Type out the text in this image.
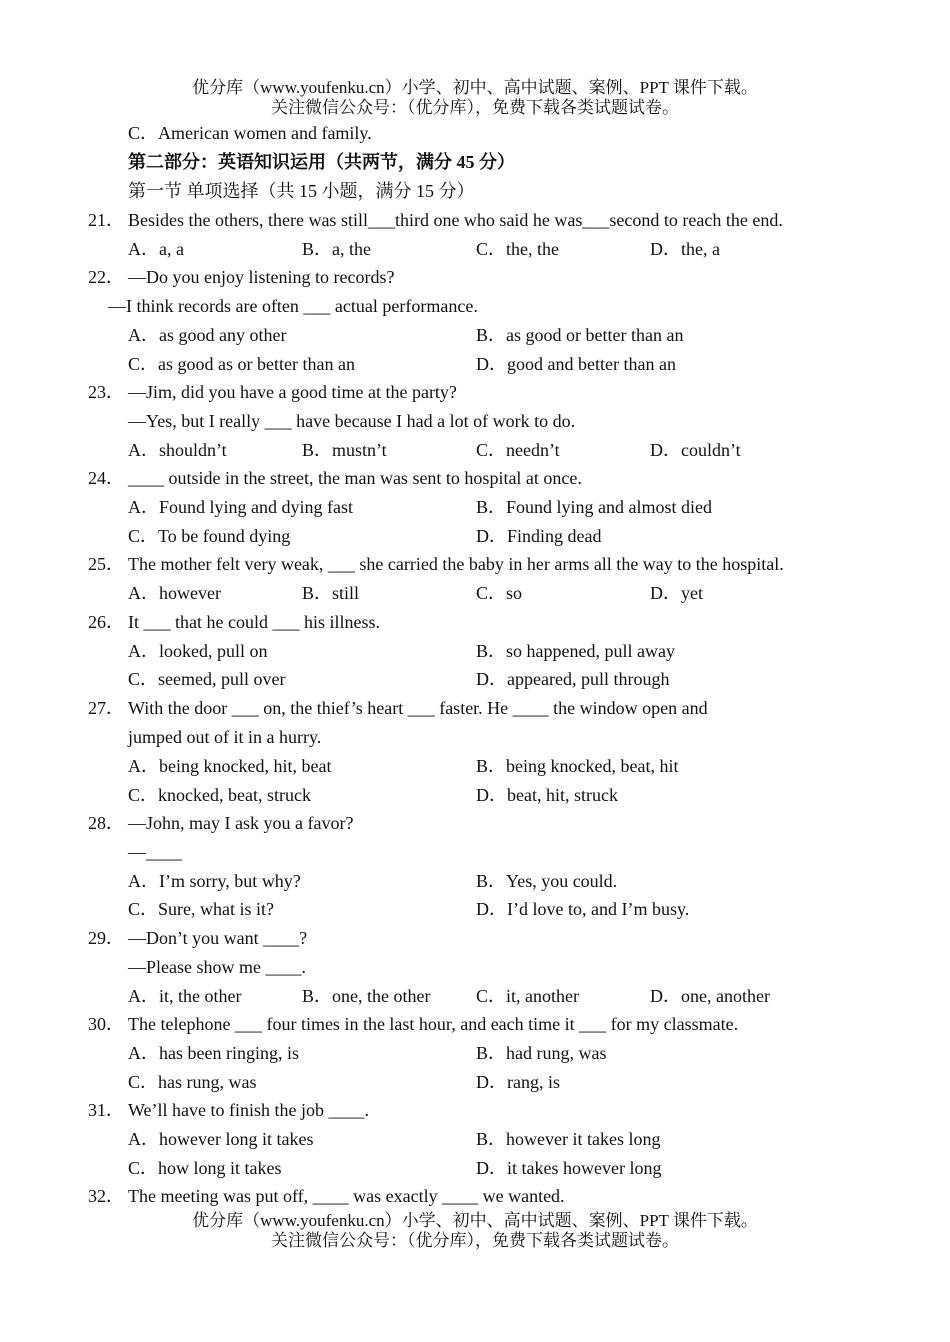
优分库（www.youfenku.cn）小学、初中、高中试题、案例、PPT 课件下载。
关注微信公众号：（优分库），免费下载各类试题试卷。
C．American women and family.
第二部分：英语知识运用（共两节，满分 45 分）
第一节 单项选择（共 15 小题，满分 15 分）
21． Besides the others, there was still___third one who said he was___second to reach the end.
A．a, a	B．a, the	C．the, the	D．the, a
22． —Do you enjoy listening to records?
—I think records are often ___ actual performance.
A．as good any other	B．as good or better than an
C．as good as or better than an	D．good and better than an
23． —Jim, did you have a good time at the party?
—Yes, but I really ___ have because I had a lot of work to do.
A．shouldn’t	B．mustn’t	C．needn’t	D．couldn’t
24． ____ outside in the street, the man was sent to hospital at once.
A．Found lying and dying fast	B．Found lying and almost died
C．To be found dying	D．Finding dead
25． The mother felt very weak, ___ she carried the baby in her arms all the way to the hospital.
A．however	B．still	C．so	D．yet
26． It ___ that he could ___ his illness.
A．looked, pull on	B．so happened, pull away
C．seemed, pull over	D．appeared, pull through
27． With the door ___ on, the thief’s heart ___ faster. He ____ the window open and
jumped out of it in a hurry.
A．being knocked, hit, beat	B．being knocked, beat, hit
C．knocked, beat, struck	D．beat, hit, struck
28． —John, may I ask you a favor?
—____
A．I’m sorry, but why?	B．Yes, you could.
C．Sure, what is it?	D．I’d love to, and I’m busy.
29． —Don’t you want ____?
—Please show me ____.
A．it, the other	B．one, the other	C．it, another	D．one, another
30． The telephone ___ four times in the last hour, and each time it ___ for my classmate.
A．has been ringing, is	B．had rung, was
C．has rung, was	D．rang, is
31． We’ll have to finish the job ____.
A．however long it takes	B．however it takes long
C．how long it takes	D．it takes however long
32． The meeting was put off, ____ was exactly ____ we wanted.
优分库（www.youfenku.cn）小学、初中、高中试题、案例、PPT 课件下载。
关注微信公众号：（优分库），免费下载各类试题试卷。
